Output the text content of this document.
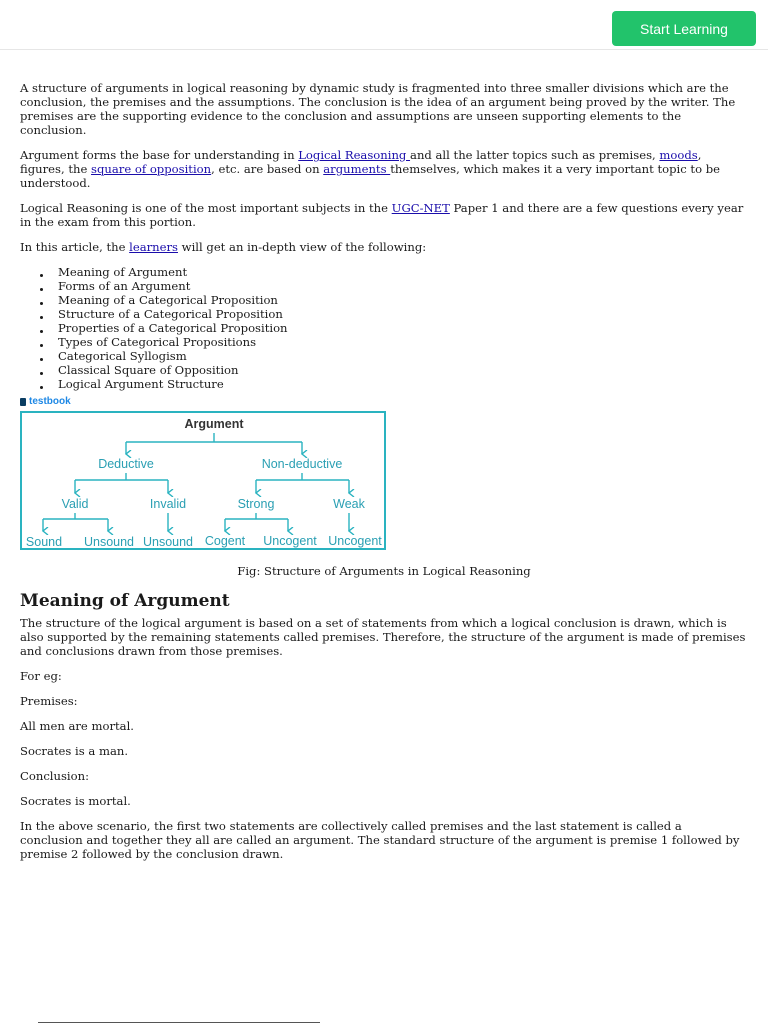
Start Learning

A structure of arguments in logical reasoning by dynamic study is fragmented into three smaller divisions which are the conclusion, the premises and the assumptions. The conclusion is the idea of an argument being proved by the writer. The premises are the supporting evidence to the conclusion and assumptions are unseen supporting elements to the conclusion.

Argument forms the base for understanding in Logical Reasoning and all the latter topics such as premises, moods, figures, the square of opposition, etc. are based on arguments themselves, which makes it a very important topic to be understood.

Logical Reasoning is one of the most important subjects in the UGC-NET Paper 1 and there are a few questions every year in the exam from this portion.

In this article, the learners will get an in-depth view of the following:

Meaning of Argument
Forms of an Argument
Meaning of a Categorical Proposition
Structure of a Categorical Proposition
Properties of a Categorical Proposition
Types of Categorical Propositions
Categorical Syllogism
Classical Square of Opposition
Logical Argument Structure
testbook
Argument
Deductive	Non-deductive
Valid	Invalid	Strong	Weak
Sound Unsound Unsound Cogent Uncogent Uncogent
Fig: Structure of Arguments in Logical Reasoning
Meaning of Argument

The structure of the logical argument is based on a set of statements from which a logical conclusion is drawn, which is also supported by the remaining statements called premises. Therefore, the structure of the argument is made of premises and conclusions drawn from those premises.

For eg:

Premises:

All men are mortal.

Socrates is a man.

Conclusion:

Socrates is mortal.

In the above scenario, the first two statements are collectively called premises and the last statement is called a conclusion and together they all are called an argument. The standard structure of the argument is premise 1 followed by premise 2 followed by the conclusion drawn.
